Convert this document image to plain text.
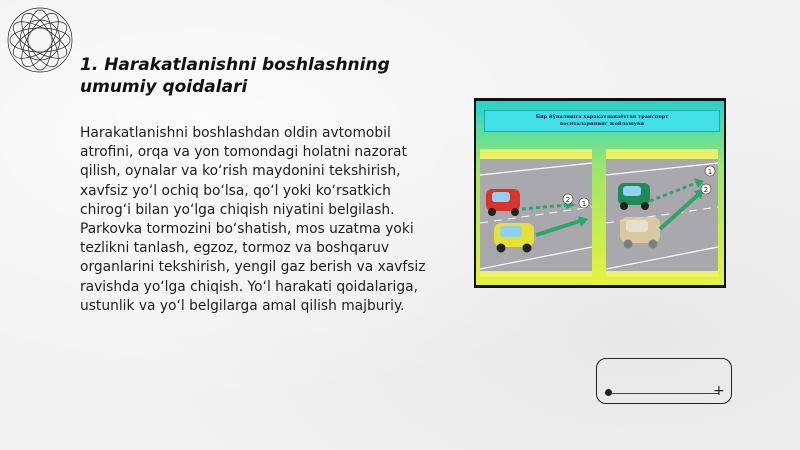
1. Harakatlanishni boshlashning
umumiy qoidalari

Harakatlanishni boshlashdan oldin avtomobil atrofini, orqa va yon tomondagi holatni nazorat qilish, oynalar va ko‘rish maydonini tekshirish, xavfsiz yo‘l ochiq bo‘lsa, qo‘l yoki ko‘rsatkich chirog‘i bilan yo‘lga chiqish niyatini belgilash. Parkovka tormozini bo‘shatish, mos uzatma yoki tezlikni tanlash, egzoz, tormoz va boshqaruv organlarini tekshirish, yengil gaz berish va xavfsiz ravishda yo‘lga chiqish. Yo‘l harakati qoidalariga, ustunlik va yo‘l belgilarga amal qilish majburiy.

Бир йўналишга ҳаракатланаётган транспорт
воситаларининг жойлашуви
2 1
1
2
+
